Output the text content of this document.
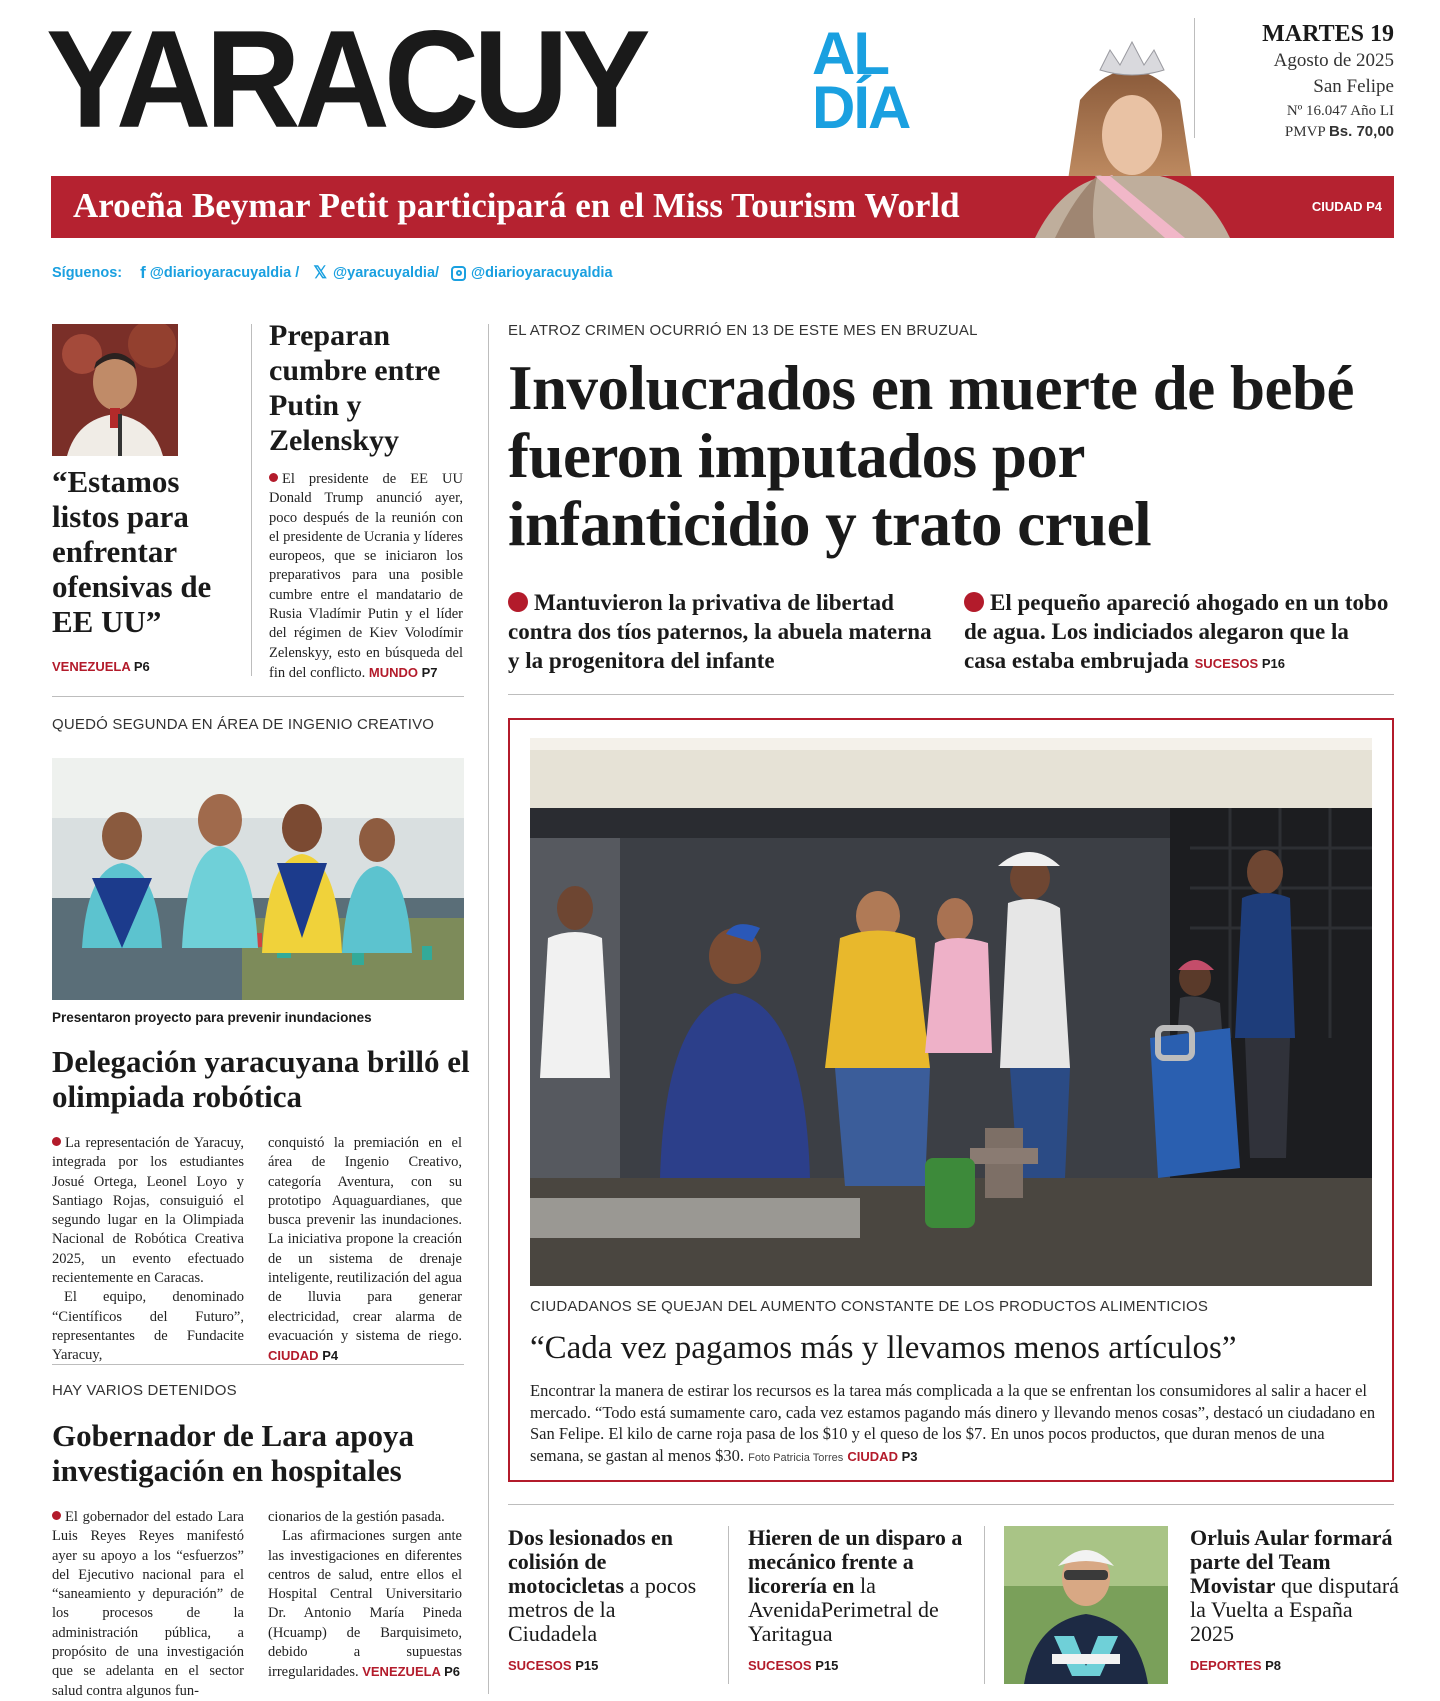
YARACUY	AL
DÍA
MARTES 19
Agosto de 2025
San Felipe
Nº 16.047 Año LI
PMVP Bs. 70,00
Aroeña Beymar Petit participará en el Miss Tourism World	CIUDAD P4
Síguenos: f @diarioyaracuyaldia / 𝕏 @yaracuyaldia/ @diarioyaracuyaldia
“Estamos listos para enfrentar ofensivas de EE UU”
VENEZUELA P6
Preparan cumbre entre Putin y Zelenskyy
El presidente de EE UU Donald Trump anunció ayer, poco después de la reunión con el presidente de Ucrania y líderes europeos, que se iniciaron los preparativos para una posible cumbre entre el mandatario de Rusia Vladímir Putin y el líder del régimen de Kiev Volodímir Zelenskyy, esto en búsqueda del fin del conflicto. MUNDO P7
QUEDÓ SEGUNDA EN ÁREA DE INGENIO CREATIVO
Presentaron proyecto para prevenir inundaciones
Delegación yaracuyana brilló el olimpiada robótica
La representación de Yaracuy, integrada por los estudiantes Josué Ortega, Leonel Loyo y Santiago Rojas, consuiguió el segundo lugar en la Olimpiada Nacional de Robótica Creativa 2025, un evento efectuado recientemente en Caracas.
El equipo, denominado “Científicos del Futuro”, representantes de Fundacite Yaracuy,
conquistó la premiación en el área de Ingenio Creativo, categoría Aventura, con su prototipo Aquaguardianes, que busca prevenir las inundaciones. La iniciativa propone la creación de un sistema de drenaje inteligente, reutilización del agua de lluvia para generar electricidad, crear alarma de evacuación y sistema de riego. CIUDAD P4
HAY VARIOS DETENIDOS
Gobernador de Lara apoya investigación en hospitales
El gobernador del estado Lara Luis Reyes Reyes manifestó ayer su apoyo a los “esfuerzos” del Ejecutivo nacional para el “saneamiento y depuración” de los procesos de la administración pública, a propósito de una investigación que se adelanta en el sector salud contra algunos fun-
cionarios de la gestión pasada.
Las afirmaciones surgen ante las investigaciones en diferentes centros de salud, entre ellos el Hospital Central Universitario Dr. Antonio María Pineda (Hcuamp) de Barquisimeto, debido a supuestas irregularidades. VENEZUELA P6
EL ATROZ CRIMEN OCURRIÓ EN 13 DE ESTE MES EN BRUZUAL
Involucrados en muerte de bebé fueron imputados por infanticidio y trato cruel
Mantuvieron la privativa de libertad contra dos tíos paternos, la abuela materna y la progenitora del infante
El pequeño apareció ahogado en un tobo de agua. Los indiciados alegaron que la casa estaba embrujada SUCESOS P16
CIUDADANOS SE QUEJAN DEL AUMENTO CONSTANTE DE LOS PRODUCTOS ALIMENTICIOS
“Cada vez pagamos más y llevamos menos artículos”
Encontrar la manera de estirar los recursos es la tarea más complicada a la que se enfrentan los consumidores al salir a hacer el mercado. “Todo está sumamente caro, cada vez estamos pagando más dinero y llevando menos cosas”, destacó un ciudadano en San Felipe. El kilo de carne roja pasa de los $10 y el queso de los $7. En unos pocos productos, que duran menos de una semana, se gastan al menos $30. Foto Patricia Torres CIUDAD P3
Dos lesionados en colisión de motocicletas a pocos metros de la Ciudadela
SUCESOS P15
Hieren de un disparo a mecánico frente a licorería en la AvenidaPerimetral de Yaritagua
SUCESOS P15
Orluis Aular formará parte del Team Movistar que disputará la Vuelta a España 2025
DEPORTES P8
